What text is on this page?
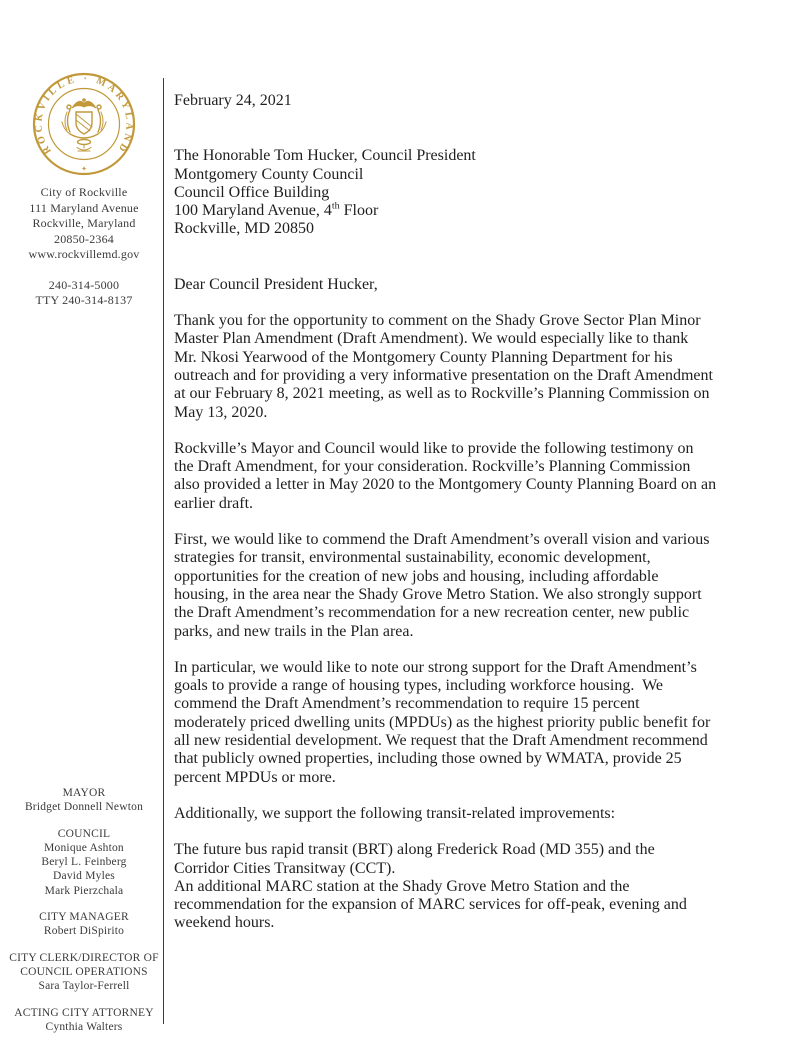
ROCKVILLE · MARYLAND
✦
City of Rockville
111 Maryland Avenue
Rockville, Maryland
20850-2364
www.rockvillemd.gov
240-314-5000
TTY 240-314-8137
MAYOR
Bridget Donnell Newton
COUNCIL
Monique Ashton
Beryl L. Feinberg
David Myles
Mark Pierzchala
CITY MANAGER
Robert DiSpirito
CITY CLERK/DIRECTOR OF COUNCIL OPERATIONS
Sara Taylor-Ferrell
ACTING CITY ATTORNEY
Cynthia Walters
February 24, 2021
The Honorable Tom Hucker, Council President
Montgomery County Council
Council Office Building
100 Maryland Avenue, 4th Floor
Rockville, MD 20850
Dear Council President Hucker,
Thank you for the opportunity to comment on the Shady Grove Sector Plan Minor
Master Plan Amendment (Draft Amendment). We would especially like to thank
Mr. Nkosi Yearwood of the Montgomery County Planning Department for his
outreach and for providing a very informative presentation on the Draft Amendment
at our February 8, 2021 meeting, as well as to Rockville’s Planning Commission on
May 13, 2020.
Rockville’s Mayor and Council would like to provide the following testimony on
the Draft Amendment, for your consideration. Rockville’s Planning Commission
also provided a letter in May 2020 to the Montgomery County Planning Board on an
earlier draft.
First, we would like to commend the Draft Amendment’s overall vision and various
strategies for transit, environmental sustainability, economic development,
opportunities for the creation of new jobs and housing, including affordable
housing, in the area near the Shady Grove Metro Station. We also strongly support
the Draft Amendment’s recommendation for a new recreation center, new public
parks, and new trails in the Plan area.
In particular, we would like to note our strong support for the Draft Amendment’s
goals to provide a range of housing types, including workforce housing.  We
commend the Draft Amendment’s recommendation to require 15 percent
moderately priced dwelling units (MPDUs) as the highest priority public benefit for
all new residential development. We request that the Draft Amendment recommend
that publicly owned properties, including those owned by WMATA, provide 25
percent MPDUs or more.
Additionally, we support the following transit-related improvements:
The future bus rapid transit (BRT) along Frederick Road (MD 355) and the
Corridor Cities Transitway (CCT).
An additional MARC station at the Shady Grove Metro Station and the
recommendation for the expansion of MARC services for off-peak, evening and
weekend hours.
